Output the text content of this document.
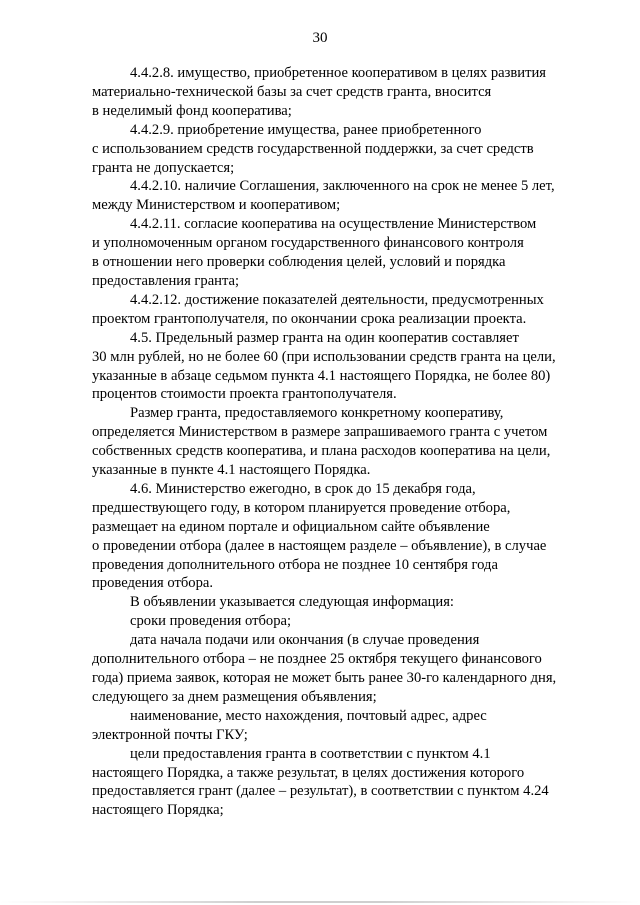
30

4.4.2.8. имущество, приобретенное кооперативом в целях развития
материально-технической базы за счет средств гранта, вносится
в неделимый фонд кооператива;

4.4.2.9. приобретение имущества, ранее приобретенного
с использованием средств государственной поддержки, за счет средств
гранта не допускается;

4.4.2.10. наличие Соглашения, заключенного на срок не менее 5 лет,
между Министерством и кооперативом;

4.4.2.11. согласие кооператива на осуществление Министерством
и уполномоченным органом государственного финансового контроля
в отношении него проверки соблюдения целей, условий и порядка
предоставления гранта;

4.4.2.12. достижение показателей деятельности, предусмотренных
проектом грантополучателя, по окончании срока реализации проекта.

4.5. Предельный размер гранта на один кооператив составляет
30 млн рублей, но не более 60 (при использовании средств гранта на цели,
указанные в абзаце седьмом пункта 4.1 настоящего Порядка, не более 80)
процентов стоимости проекта грантополучателя.

Размер гранта, предоставляемого конкретному кооперативу,
определяется Министерством в размере запрашиваемого гранта с учетом
собственных средств кооператива, и плана расходов кооператива на цели,
указанные в пункте 4.1 настоящего Порядка.

4.6. Министерство ежегодно, в срок до 15 декабря года,
предшествующего году, в котором планируется проведение отбора,
размещает на едином портале и официальном сайте объявление
о проведении отбора (далее в настоящем разделе – объявление), в случае
проведения дополнительного отбора не позднее 10 сентября года
проведения отбора.

В объявлении указывается следующая информация:

сроки проведения отбора;

дата начала подачи или окончания (в случае проведения
дополнительного отбора – не позднее 25 октября текущего финансового
года) приема заявок, которая не может быть ранее 30-го календарного дня,
следующего за днем размещения объявления;

наименование, место нахождения, почтовый адрес, адрес
электронной почты ГКУ;

цели предоставления гранта в соответствии с пунктом 4.1
настоящего Порядка, а также результат, в целях достижения которого
предоставляется грант (далее – результат), в соответствии с пунктом 4.24
настоящего Порядка;
